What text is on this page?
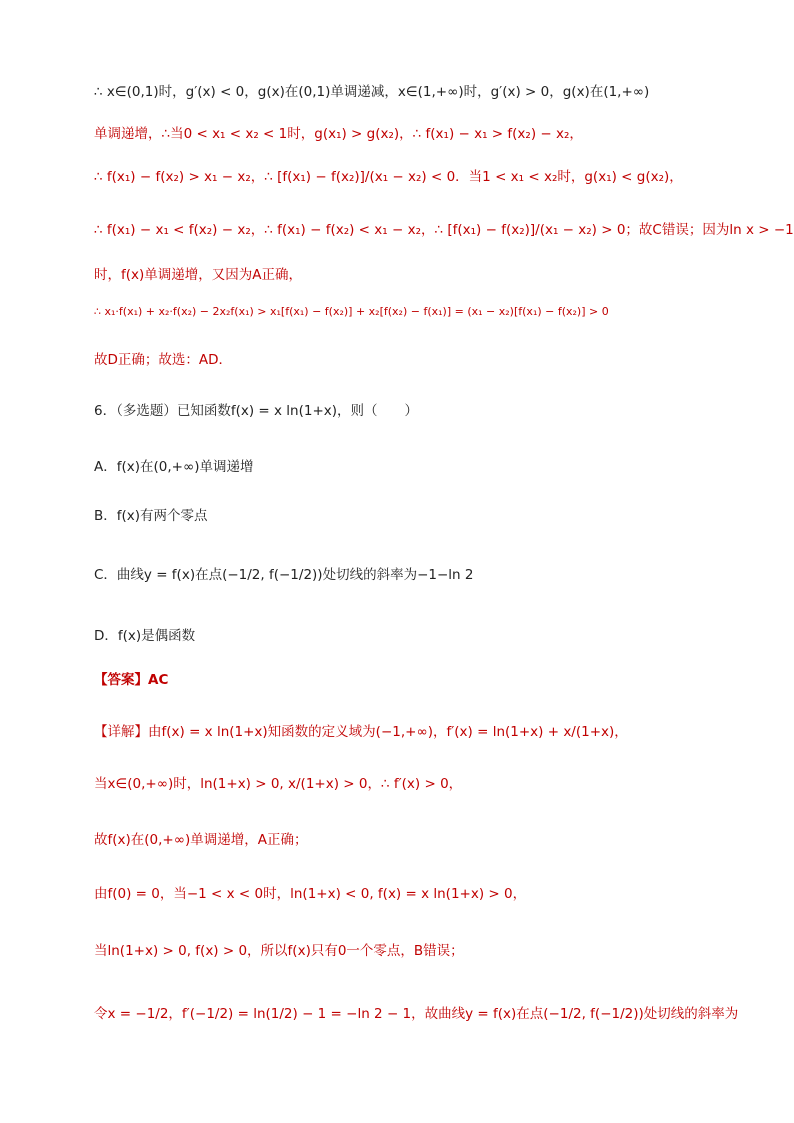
∴ x∈(0,1)时，g′(x) < 0，g(x)在(0,1)单调递减，x∈(1,+∞)时，g′(x) > 0，g(x)在(1,+∞)
单调递增，∴当0 < x₁ < x₂ < 1时，g(x₁) > g(x₂)，∴ f(x₁) − x₁ > f(x₂) − x₂，
∴ f(x₁) − f(x₂) > x₁ − x₂，∴ [f(x₁) − f(x₂)]/(x₁ − x₂) < 0．当1 < x₁ < x₂时，g(x₁) < g(x₂)，
∴ f(x₁) − x₁ < f(x₂) − x₂，∴ f(x₁) − f(x₂) < x₁ − x₂，∴ [f(x₁) − f(x₂)]/(x₁ − x₂) > 0；故C错误；因为ln x > −1
时，f(x)单调递增，又因为A正确，
∴ x₁·f(x₁) + x₂·f(x₂) − 2x₂f(x₁) > x₁[f(x₁) − f(x₂)] + x₂[f(x₂) − f(x₁)] = (x₁ − x₂)[f(x₁) − f(x₂)] > 0
故D正确；故选：AD．
6．（多选题）已知函数f(x) = x ln(1+x)，则（　　）
A．f(x)在(0,+∞)单调递增
B．f(x)有两个零点
C．曲线y = f(x)在点(−1/2, f(−1/2))处切线的斜率为−1−ln 2
D．f(x)是偶函数
【答案】AC
【详解】由f(x) = x ln(1+x)知函数的定义域为(−1,+∞)，f′(x) = ln(1+x) + x/(1+x)，
当x∈(0,+∞)时，ln(1+x) > 0, x/(1+x) > 0，∴ f′(x) > 0，
故f(x)在(0,+∞)单调递增，A正确；
由f(0) = 0，当−1 < x < 0时，ln(1+x) < 0, f(x) = x ln(1+x) > 0，
当ln(1+x) > 0, f(x) > 0，所以f(x)只有0一个零点，B错误；
令x = −1/2，f′(−1/2) = ln(1/2) − 1 = −ln 2 − 1，故曲线y = f(x)在点(−1/2, f(−1/2))处切线的斜率为
